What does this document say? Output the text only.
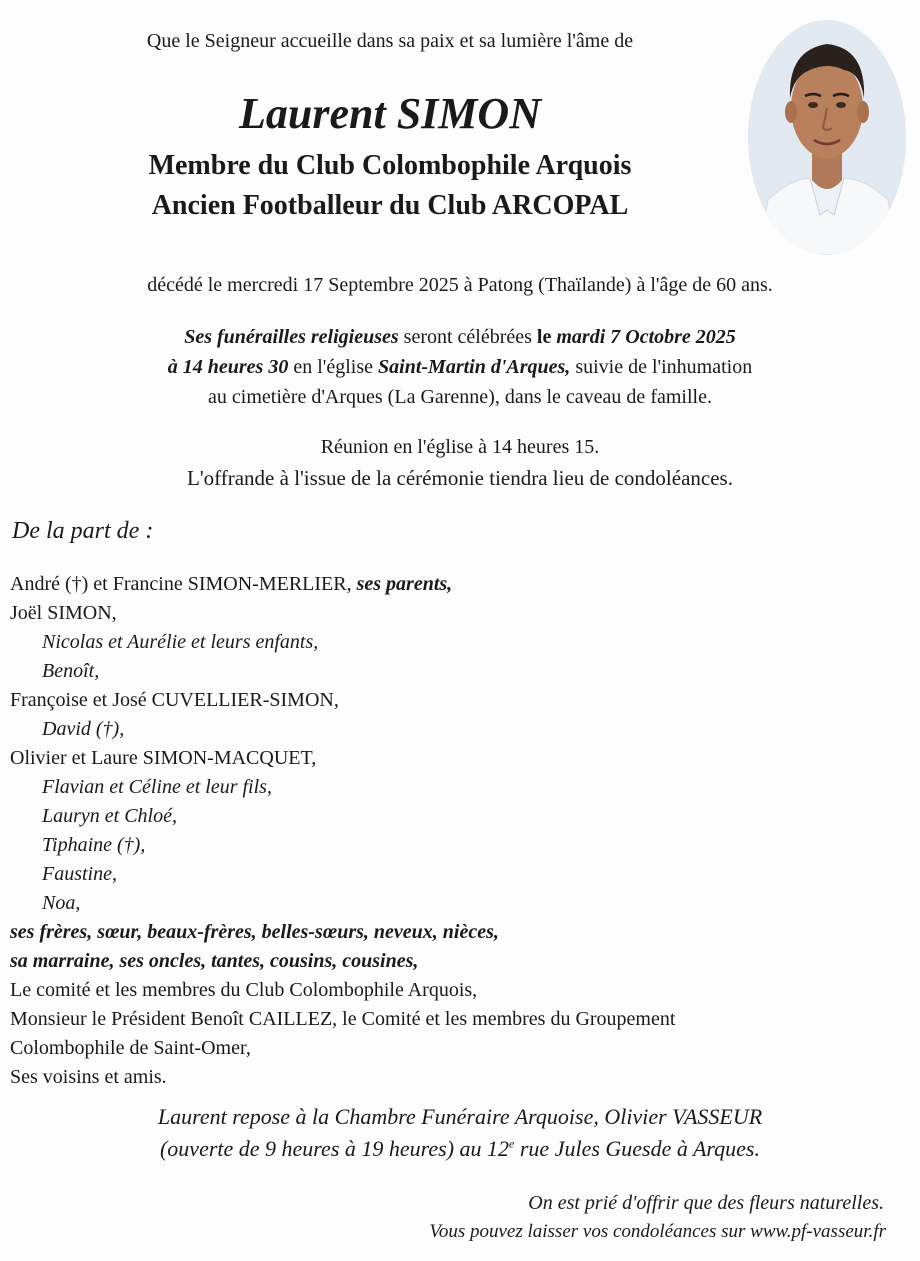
Que le Seigneur accueille dans sa paix et sa lumière l'âme de
Laurent SIMON
Membre du Club Colombophile Arquois
Ancien Footballeur du Club ARCOPAL
décédé le mercredi 17 Septembre 2025 à Patong (Thaïlande) à l'âge de 60 ans.
Ses funérailles religieuses seront célébrées le mardi 7 Octobre 2025
à 14 heures 30 en l'église Saint-Martin d'Arques, suivie de l'inhumation
au cimetière d'Arques (La Garenne), dans le caveau de famille.
Réunion en l'église à 14 heures 15.
L'offrande à l'issue de la cérémonie tiendra lieu de condoléances.
De la part de :
André (†) et Francine SIMON-MERLIER, ses parents,
Joël SIMON,
Nicolas et Aurélie et leurs enfants,
Benoît,
Françoise et José CUVELLIER-SIMON,
David (†),
Olivier et Laure SIMON-MACQUET,
Flavian et Céline et leur fils,
Lauryn et Chloé,
Tiphaine (†),
Faustine,
Noa,
ses frères, sœur, beaux-frères, belles-sœurs, neveux, nièces,
sa marraine, ses oncles, tantes, cousins, cousines,
Le comité et les membres du Club Colombophile Arquois,
Monsieur le Président Benoît CAILLEZ, le Comité et les membres du Groupement
Colombophile de Saint-Omer,
Ses voisins et amis.
Laurent repose à la Chambre Funéraire Arquoise, Olivier VASSEUR
(ouverte de 9 heures à 19 heures) au 12e rue Jules Guesde à Arques.
On est prié d'offrir que des fleurs naturelles.
Vous pouvez laisser vos condoléances sur www.pf-vasseur.fr
